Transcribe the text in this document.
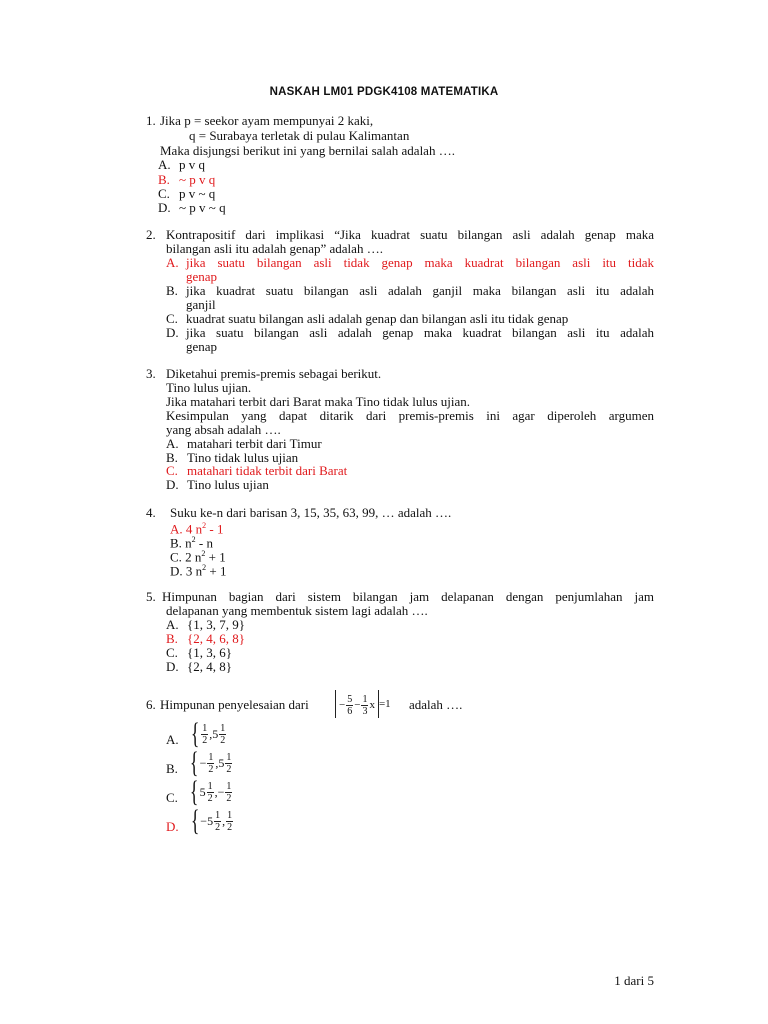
NASKAH LM01 PDGK4108 MATEMATIKA
1. Jika p = seekor ayam mempunyai 2 kaki,
q = Surabaya terletak di pulau Kalimantan
Maka disjungsi berikut ini yang bernilai salah adalah ….
A. p v q
B. ~ p v q
C. p v ~ q
D. ~ p v ~ q
2. Kontrapositif dari implikasi “Jika kuadrat suatu bilangan asli adalah genap maka
bilangan asli itu adalah genap” adalah ….
A. jika suatu bilangan asli tidak genap maka kuadrat bilangan asli itu tidak
genap
B. jika kuadrat suatu bilangan asli adalah ganjil maka bilangan asli itu adalah
ganjil
C. kuadrat suatu bilangan asli adalah genap dan bilangan asli itu tidak genap
D. jika suatu bilangan asli adalah genap maka kuadrat bilangan asli itu adalah
genap
3. Diketahui premis-premis sebagai berikut.
Tino lulus ujian.
Jika matahari terbit dari Barat maka Tino tidak lulus ujian.
Kesimpulan yang dapat ditarik dari premis-premis ini agar diperoleh argumen
yang absah adalah ….
A. matahari terbit dari Timur
B. Tino tidak lulus ujian
C. matahari tidak terbit dari Barat
D. Tino lulus ujian
4. Suku ke-n dari barisan 3, 15, 35, 63, 99, … adalah ….
A. 4 $n^2 - 1$
B. $n^2$ - n
C. 2 $n^2 + 1$
D. 3 $n^2 + 1$
5. Himpunan bagian dari sistem bilangan jam delapanan dengan penjumlahan jam
delapanan yang membentuk sistem lagi adalah ….
A. {1, 3, 7, 9}
B. {2, 4, 6, 8}
C. {1, 3, 6}
D. {2, 4, 8}
6. Himpunan penyelesaian dari	− $\frac{5}{6} - \frac{1}{3}$ x =1 adalah ….
A. { $\frac{1}{2}$ , $5 \frac{1}{2}$
B. { − $\frac{1}{2}$ , $5 \frac{1}{2}$
C. { $5 \frac{1}{2}$ , − $\frac{1}{2}$
D. { − $5 \frac{1}{2}$ , $\frac{1}{2}$
1 dari 5
